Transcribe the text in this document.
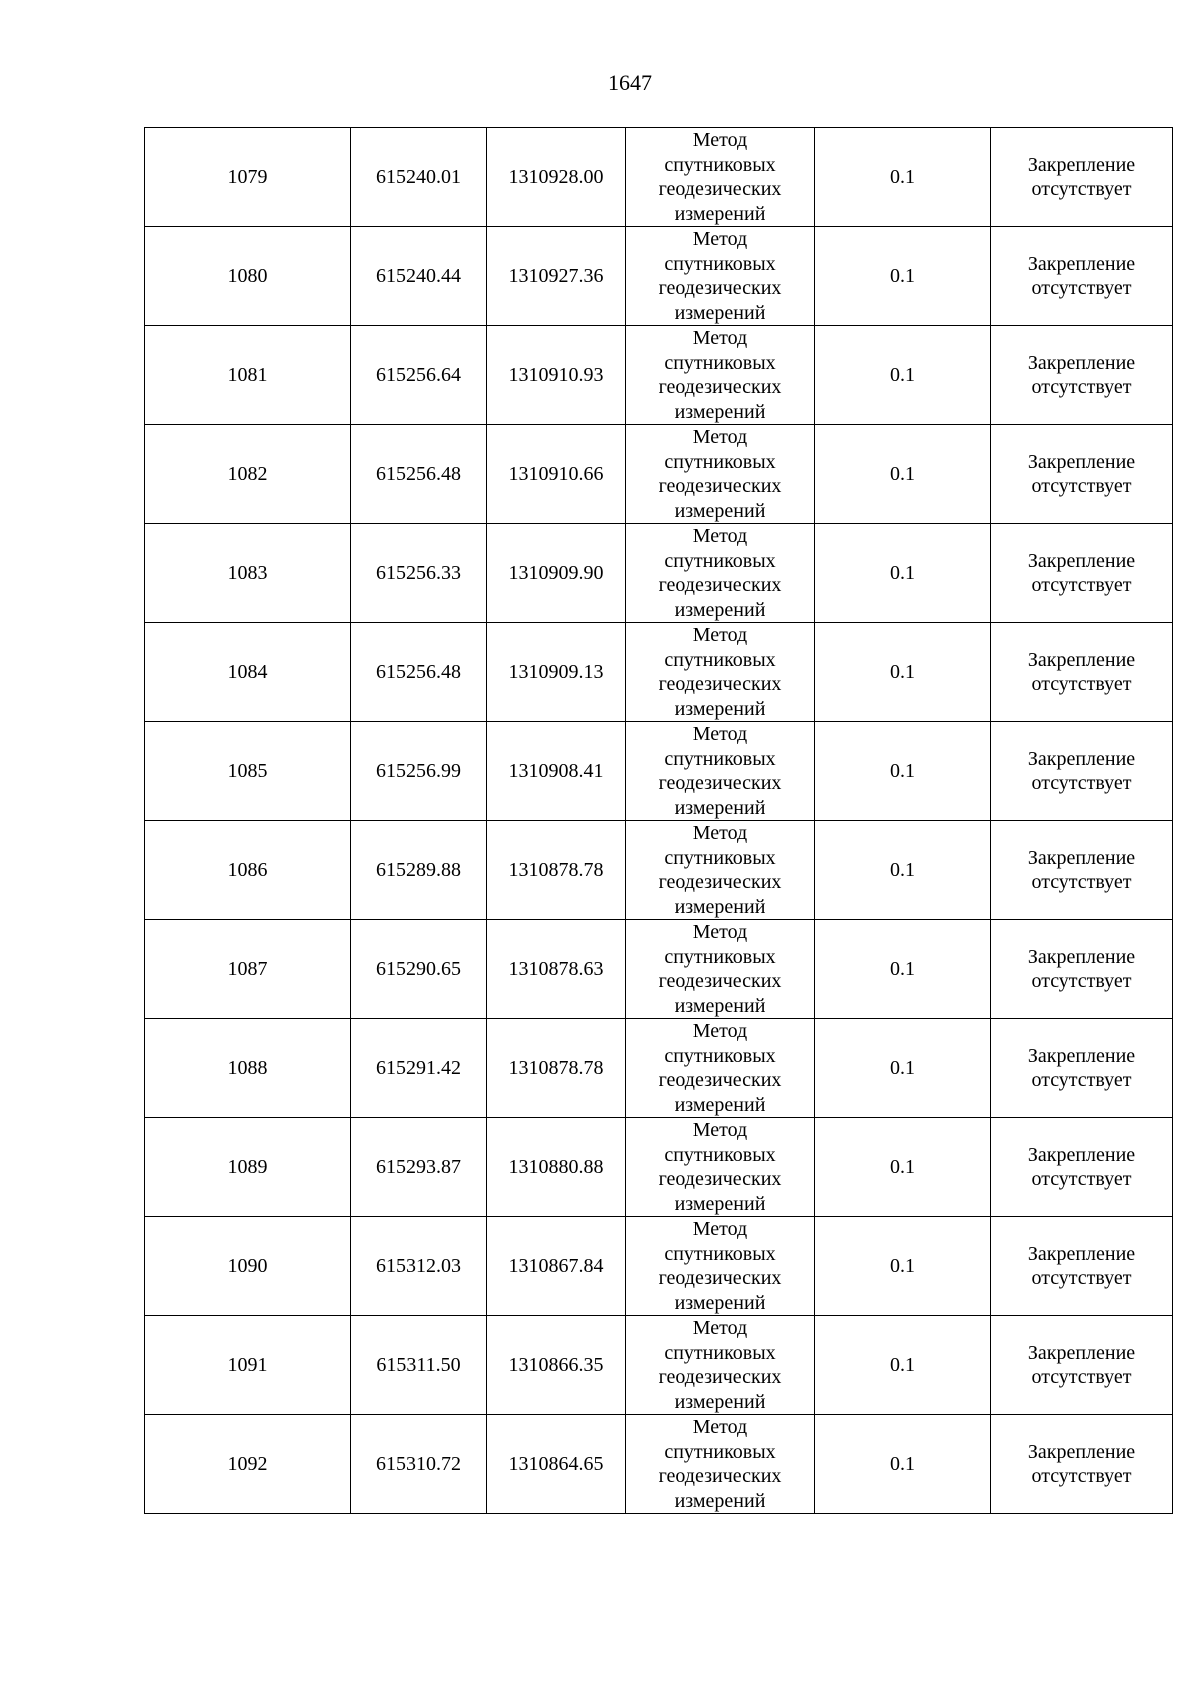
1647
1079	615240.01	1310928.00	Метод
спутниковых
геодезических
измерений	0.1	Закрепление
отсутствует
1080	615240.44	1310927.36	Метод
спутниковых
геодезических
измерений	0.1	Закрепление
отсутствует
1081	615256.64	1310910.93	Метод
спутниковых
геодезических
измерений	0.1	Закрепление
отсутствует
1082	615256.48	1310910.66	Метод
спутниковых
геодезических
измерений	0.1	Закрепление
отсутствует
1083	615256.33	1310909.90	Метод
спутниковых
геодезических
измерений	0.1	Закрепление
отсутствует
1084	615256.48	1310909.13	Метод
спутниковых
геодезических
измерений	0.1	Закрепление
отсутствует
1085	615256.99	1310908.41	Метод
спутниковых
геодезических
измерений	0.1	Закрепление
отсутствует
1086	615289.88	1310878.78	Метод
спутниковых
геодезических
измерений	0.1	Закрепление
отсутствует
1087	615290.65	1310878.63	Метод
спутниковых
геодезических
измерений	0.1	Закрепление
отсутствует
1088	615291.42	1310878.78	Метод
спутниковых
геодезических
измерений	0.1	Закрепление
отсутствует
1089	615293.87	1310880.88	Метод
спутниковых
геодезических
измерений	0.1	Закрепление
отсутствует
1090	615312.03	1310867.84	Метод
спутниковых
геодезических
измерений	0.1	Закрепление
отсутствует
1091	615311.50	1310866.35	Метод
спутниковых
геодезических
измерений	0.1	Закрепление
отсутствует
1092	615310.72	1310864.65	Метод
спутниковых
геодезических
измерений	0.1	Закрепление
отсутствует
